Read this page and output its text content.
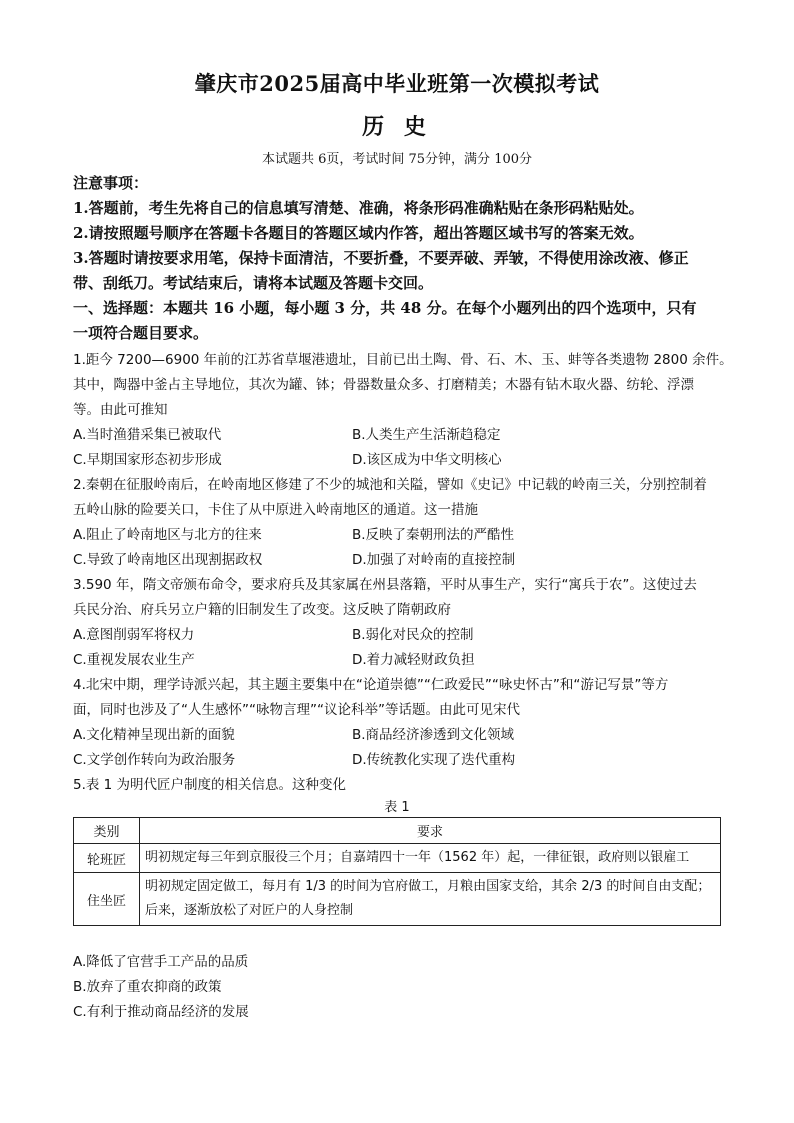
肇庆市2025届高中毕业班第一次模拟考试
历 史
本试题共 6页，考试时间 75分钟，满分 100分
注意事项：
1.答题前，考生先将自己的信息填写清楚、准确，将条形码准确粘贴在条形码粘贴处。
2.请按照题号顺序在答题卡各题目的答题区域内作答，超出答题区域书写的答案无效。
3.答题时请按要求用笔，保持卡面清洁，不要折叠，不要弄破、弄皱，不得使用涂改液、修正
带、刮纸刀。考试结束后，请将本试题及答题卡交回。
一、选择题：本题共 16 小题，每小题 3 分，共 48 分。在每个小题列出的四个选项中，只有
一项符合题目要求。
1.距今 7200—6900 年前的江苏省草堰港遗址，目前已出土陶、骨、石、木、玉、蚌等各类遗物 2800 余件。
其中，陶器中釜占主导地位，其次为罐、钵；骨器数量众多、打磨精美；木器有钻木取火器、纺轮、浮漂
等。由此可推知
A.当时渔猎采集已被取代	B.人类生产生活渐趋稳定
C.早期国家形态初步形成	D.该区成为中华文明核心
2.秦朝在征服岭南后，在岭南地区修建了不少的城池和关隘，譬如《史记》中记载的岭南三关，分别控制着
五岭山脉的险要关口，卡住了从中原进入岭南地区的通道。这一措施
A.阻止了岭南地区与北方的往来	B.反映了秦朝刑法的严酷性
C.导致了岭南地区出现割据政权	D.加强了对岭南的直接控制
3.590 年，隋文帝颁布命令，要求府兵及其家属在州县落籍，平时从事生产，实行“寓兵于农”。这使过去
兵民分治、府兵另立户籍的旧制发生了改变。这反映了隋朝政府
A.意图削弱军将权力	B.弱化对民众的控制
C.重视发展农业生产	D.着力减轻财政负担
4.北宋中期，理学诗派兴起，其主题主要集中在“论道崇德”“仁政爱民”“咏史怀古”和“游记写景”等方
面，同时也涉及了“人生感怀”“咏物言理”“议论科举”等话题。由此可见宋代
A.文化精神呈现出新的面貌	B.商品经济渗透到文化领域
C.文学创作转向为政治服务	D.传统教化实现了迭代重构
5.表 1 为明代匠户制度的相关信息。这种变化
表 1
类别	要求
轮班匠	明初规定每三年到京服役三个月；自嘉靖四十一年（1562 年）起，一律征银，政府则以银雇工
住坐匠	明初规定固定做工，每月有 1/3 的时间为官府做工，月粮由国家支给，其余 2/3 的时间自由支配；后来，逐渐放松了对匠户的人身控制
A.降低了官营手工产品的品质
B.放弃了重农抑商的政策
C.有利于推动商品经济的发展
